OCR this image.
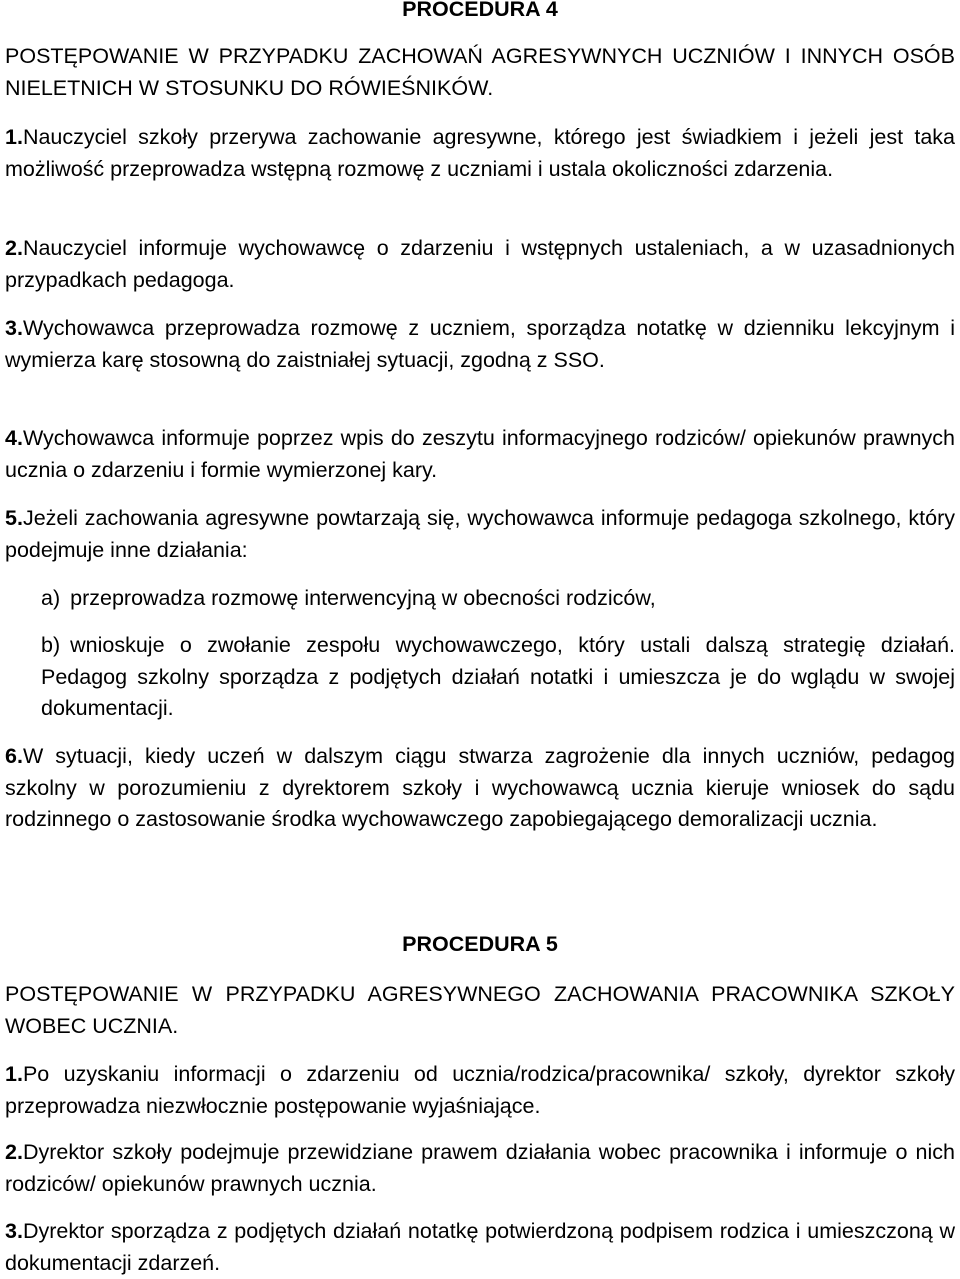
PROCEDURA 4

POSTĘPOWANIE W PRZYPADKU ZACHOWAŃ AGRESYWNYCH UCZNIÓW I INNYCH OSÓB NIELETNICH W STOSUNKU DO RÓWIEŚNIKÓW.

1.Nauczyciel szkoły przerywa zachowanie agresywne, którego jest świadkiem i jeżeli jest taka możliwość przeprowadza wstępną rozmowę z uczniami i ustala okoliczności zdarzenia.

2.Nauczyciel informuje wychowawcę o zdarzeniu i wstępnych ustaleniach, a w uzasadnionych przypadkach pedagoga.

3.Wychowawca przeprowadza rozmowę z uczniem, sporządza notatkę w dzienniku lekcyjnym i wymierza karę stosowną do zaistniałej sytuacji, zgodną z SSO.

4.Wychowawca informuje poprzez wpis do zeszytu informacyjnego rodziców/ opiekunów prawnych ucznia o zdarzeniu i formie wymierzonej kary.

5.Jeżeli zachowania agresywne powtarzają się, wychowawca informuje pedagoga szkolnego, który podejmuje inne działania:

a) przeprowadza rozmowę interwencyjną w obecności rodziców,

b) wnioskuje o zwołanie zespołu wychowawczego, który ustali dalszą strategię działań. Pedagog szkolny sporządza z podjętych działań notatki i umieszcza je do wglądu w swojej dokumentacji.

6.W sytuacji, kiedy uczeń w dalszym ciągu stwarza zagrożenie dla innych uczniów, pedagog szkolny w porozumieniu z dyrektorem szkoły i wychowawcą ucznia kieruje wniosek do sądu rodzinnego o zastosowanie środka wychowawczego zapobiegającego demoralizacji ucznia.

PROCEDURA 5

POSTĘPOWANIE W PRZYPADKU AGRESYWNEGO ZACHOWANIA PRACOWNIKA SZKOŁY WOBEC UCZNIA.

1.Po uzyskaniu informacji o zdarzeniu od ucznia/rodzica/pracownika/ szkoły, dyrektor szkoły przeprowadza niezwłocznie postępowanie wyjaśniające.

2.Dyrektor szkoły podejmuje przewidziane prawem działania wobec pracownika i informuje o nich rodziców/ opiekunów prawnych ucznia.

3.Dyrektor sporządza z podjętych działań notatkę potwierdzoną podpisem rodzica i umieszczoną w dokumentacji zdarzeń.
